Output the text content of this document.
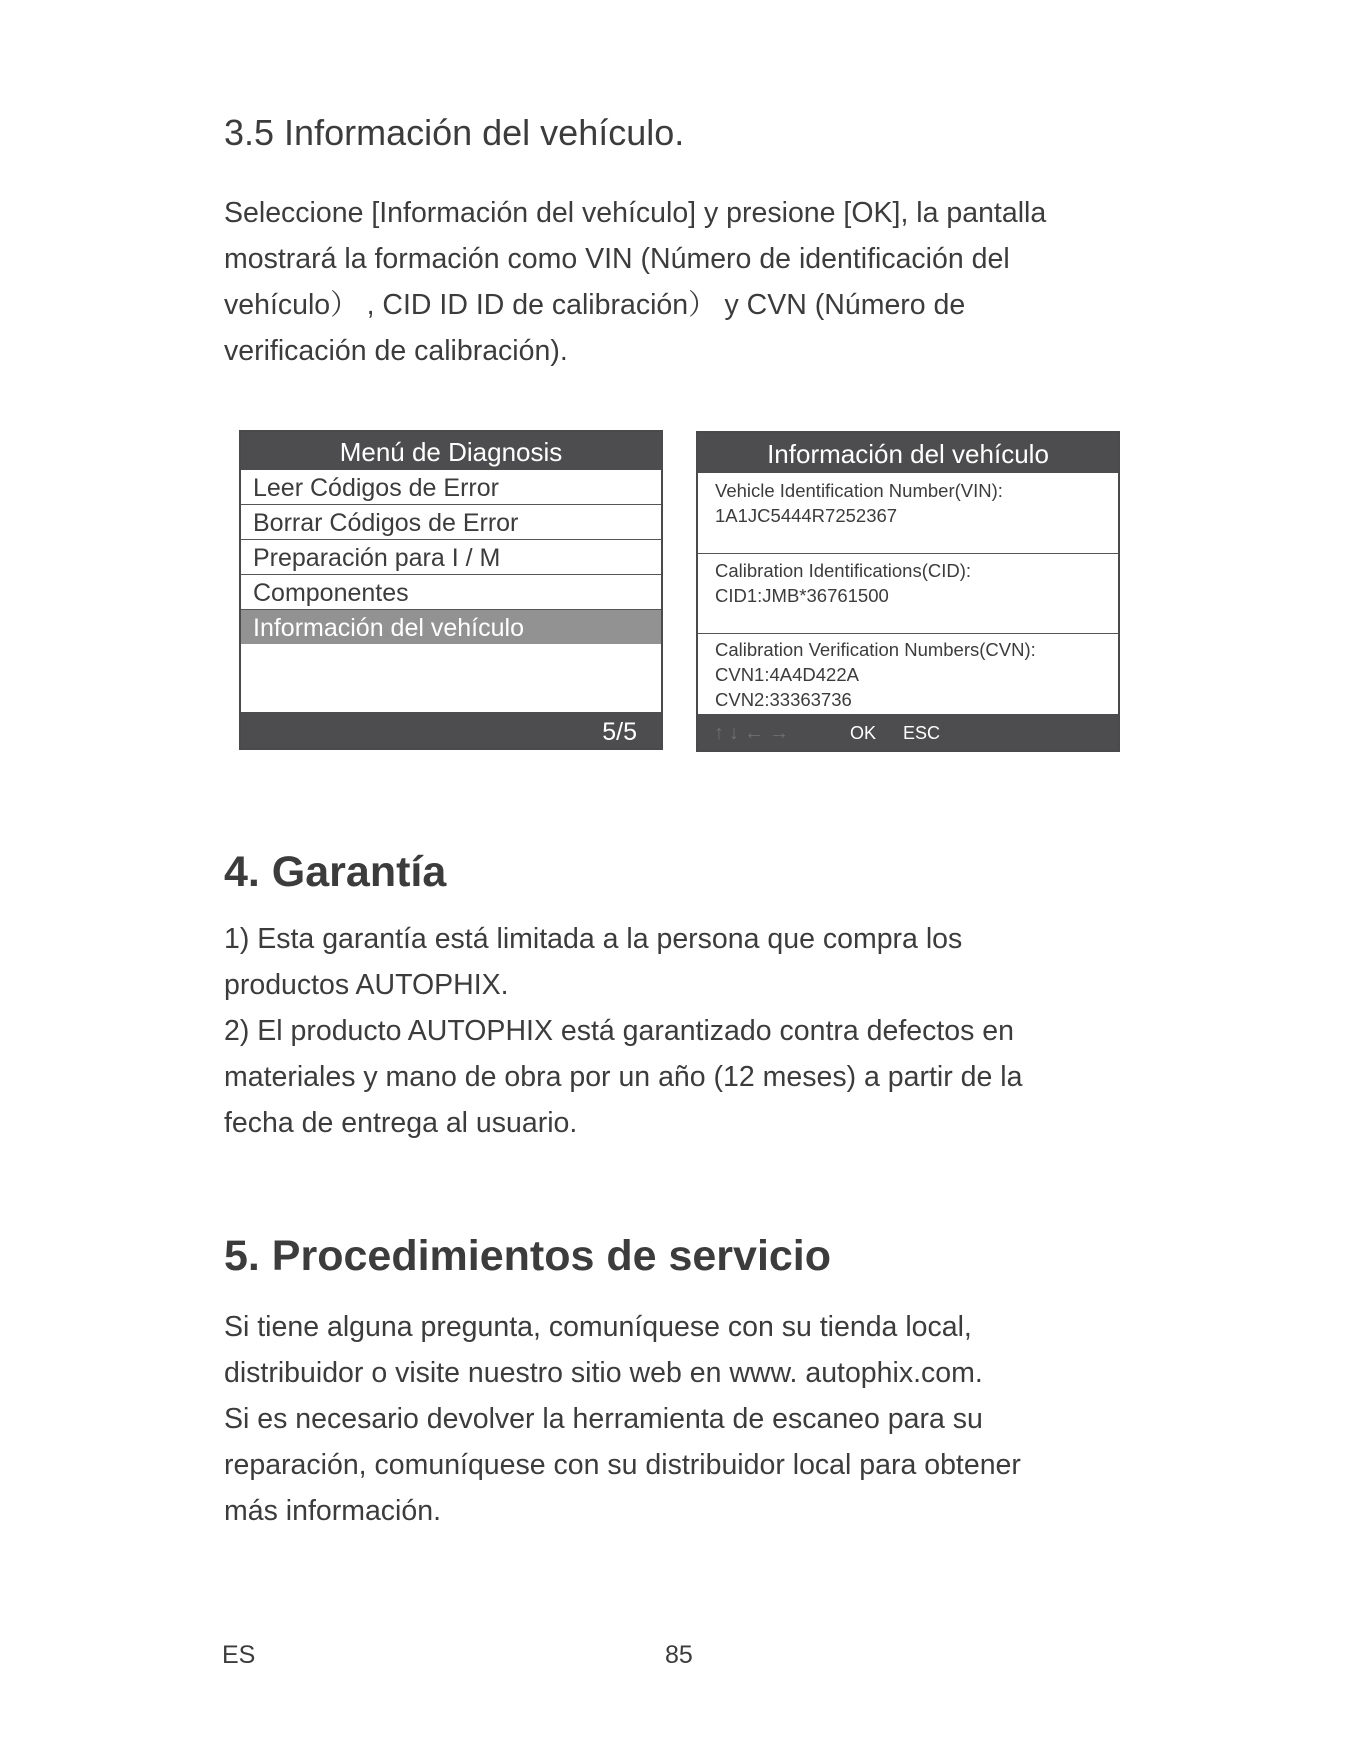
3.5 Información del vehículo.

Seleccione [Información del vehículo] y presione [OK], la pantalla

mostrará la formación como VIN (Número de identificación del

vehículo） , CID ID ID de calibración） y CVN (Número de

verificación de calibración).

Menú de Diagnosis
Leer Códigos de Error
Borrar Códigos de Error
Preparación para I / M
Componentes
Información del vehículo
5/5
Información del vehículo
Vehicle Identification Number(VIN):
1A1JC5444R7252367
Calibration Identifications(CID):
CID1:JMB*36761500
Calibration Verification Numbers(CVN):
CVN1:4A4D422A
CVN2:33363736
↑↓←→	OK ESC
4. Garantía

1) Esta garantía está limitada a la persona que compra los

productos AUTOPHIX.

2) El producto AUTOPHIX está garantizado contra defectos en

materiales y mano de obra por un año (12 meses) a partir de la

fecha de entrega al usuario.

5. Procedimientos de servicio

Si tiene alguna pregunta, comuníquese con su tienda local,

distribuidor o visite nuestro sitio web en www. autophix.com.

Si es necesario devolver la herramienta de escaneo para su

reparación, comuníquese con su distribuidor local para obtener

más información.

ES	85
